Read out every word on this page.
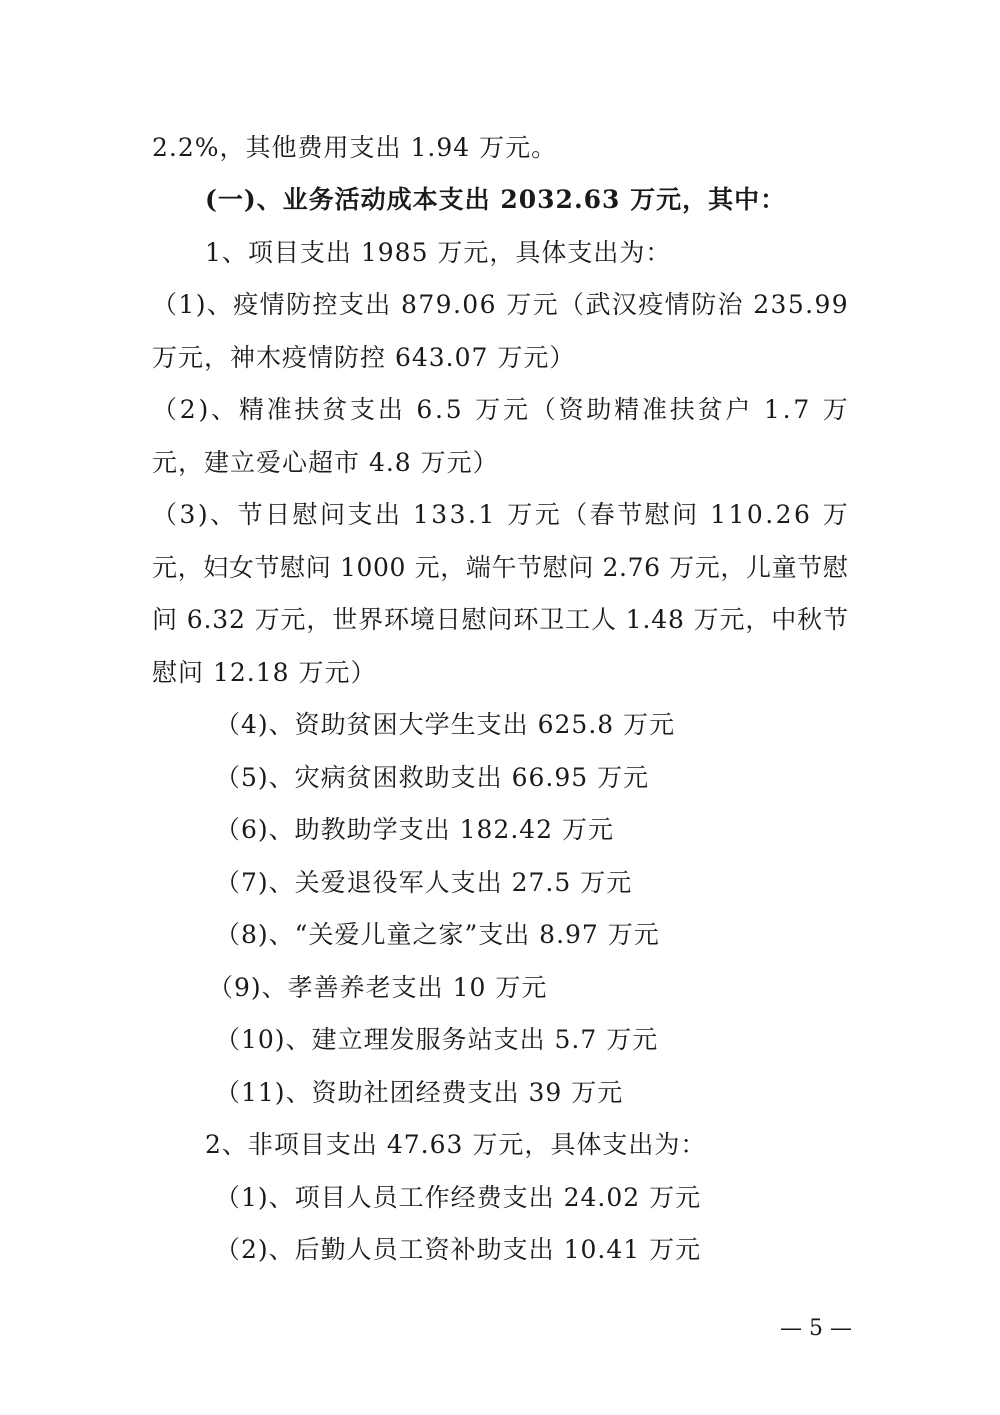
2.2%，其他费用支出 1.94 万元。
(一)、业务活动成本支出 2032.63 万元，其中：
1、项目支出 1985 万元，具体支出为：
（ 1 ) 、 疫 情 防 控 支 出
8 7 9 . 0 6
万 元 （ 武 汉 疫 情 防 治
2 3 5 . 9 9
万元，神木疫情防控 643.07 万元）
（ 2 ) 、 精 准 扶 贫 支 出
6 . 5
万 元 （ 资 助 精 准 扶 贫 户
1 . 7
万
元，建立爱心超市 4.8 万元）
（ 3 ) 、 节 日 慰 问 支 出
1 3 3 . 1
万 元 （ 春 节 慰 问
1 1 0 . 2 6
万
元 ， 妇 女 节 慰 问
1 0 0 0
元 ， 端 午 节 慰 问
2 . 7 6
万 元 ， 儿 童 节 慰
问
6 . 3 2
万 元 ， 世 界 环 境 日 慰 问 环 卫 工 人
1 . 4 8
万 元 ， 中 秋 节
慰问 12.18 万元）
（4)、资助贫困大学生支出 625.8 万元
（5)、灾病贫困救助支出 66.95 万元
（6)、助教助学支出 182.42 万元
（7)、关爱退役军人支出 27.5 万元
（8)、“关爱儿童之家”支出 8.97 万元
（9)、孝善养老支出 10 万元
（10)、建立理发服务站支出 5.7 万元
（11)、资助社团经费支出 39 万元
2、非项目支出 47.63 万元，具体支出为：
（1)、项目人员工作经费支出 24.02 万元
（2)、后勤人员工资补助支出 10.41 万元
— 5 —
